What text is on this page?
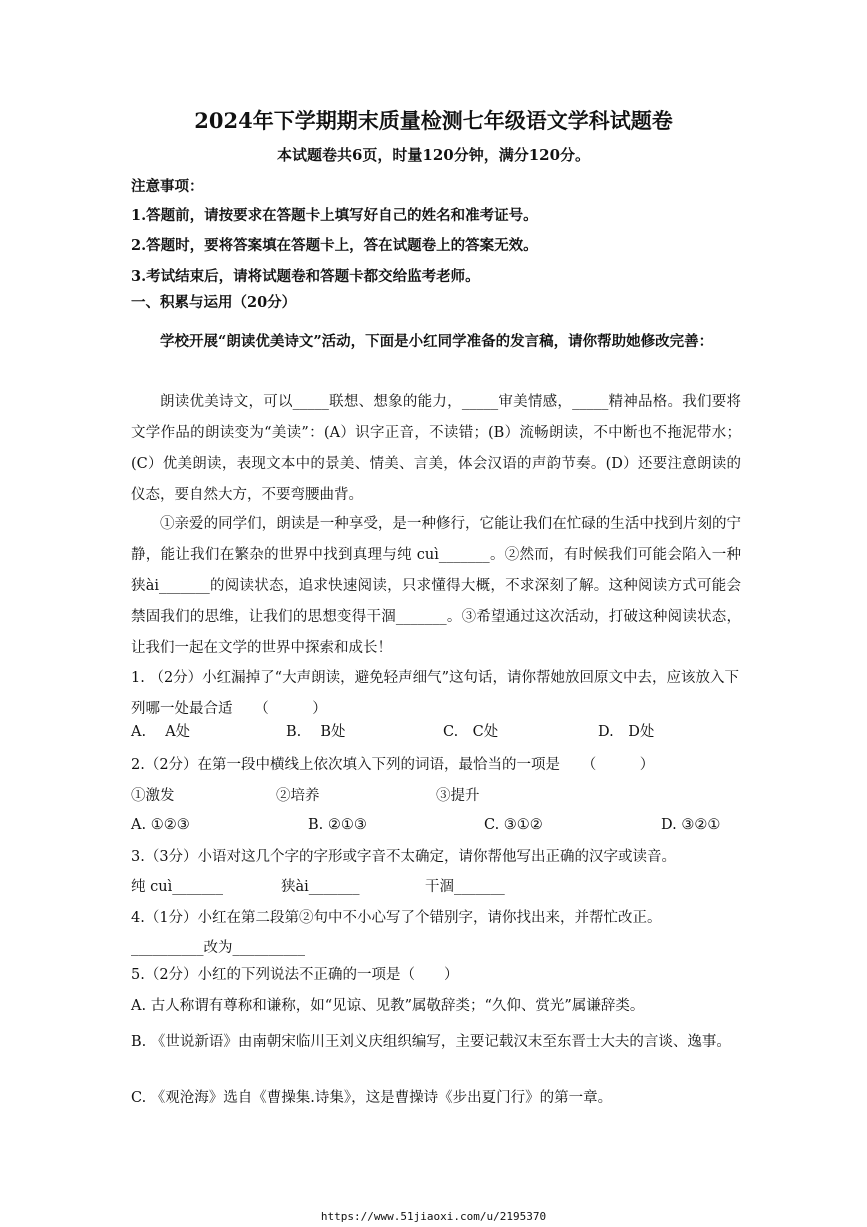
2024年下学期期末质量检测七年级语文学科试题卷
本试题卷共6页，时量120分钟，满分120分。
注意事项：
1.答题前，请按要求在答题卡上填写好自己的姓名和准考证号。
2.答题时，要将答案填在答题卡上，答在试题卷上的答案无效。
3.考试结束后，请将试题卷和答题卡都交给监考老师。
一、积累与运用（20分）
学校开展“朗读优美诗文”活动，下面是小红同学准备的发言稿，请你帮助她修改完善：
朗读优美诗文，可以_____联想、想象的能力，_____审美情感，_____精神品格。我们要将文学作品的朗读变为“美读”：(A）识字正音，不读错；(B）流畅朗读，不中断也不拖泥带水；(C）优美朗读，表现文本中的景美、情美、言美，体会汉语的声韵节奏。(D）还要注意朗读的仪态，要自然大方，不要弯腰曲背。
①亲爱的同学们，朗读是一种享受，是一种修行，它能让我们在忙碌的生活中找到片刻的宁静，能让我们在繁杂的世界中找到真理与纯 cuì_______。②然而，有时候我们可能会陷入一种狭ài_______的阅读状态，追求快速阅读，只求懂得大概，不求深刻了解。这种阅读方式可能会禁固我们的思维，让我们的思想变得干涸_______。③希望通过这次活动，打破这种阅读状态，让我们一起在文学的世界中探索和成长！
1. （2分）小红漏掉了“大声朗读，避免轻声细气”这句话，请你帮她放回原文中去，应该放入下列哪一处最合适　　（　　　）
A.　 A处	B.　 B处	C.　C处	D.　D处
2.（2分）在第一段中横线上依次填入下列的词语，最恰当的一项是　　（　　　）
①激发	②培养	③提升
A. ①②③	B. ②①③	C. ③①②	D. ③②①
3.（3分）小语对这几个字的字形或字音不太确定，请你帮他写出正确的汉字或读音。
纯 cuì_______	狭ài_______	干涸_______
4.（1分）小红在第二段第②句中不小心写了个错别字，请你找出来，并帮忙改正。
__________改为__________
5.（2分）小红的下列说法不正确的一项是（　　）
A. 古人称谓有尊称和谦称，如“见谅、见教”属敬辞类；“久仰、赏光”属谦辞类。
B. 《世说新语》由南朝宋临川王刘义庆组织编写，主要记载汉末至东晋士大夫的言谈、逸事。
C. 《观沧海》选自《曹操集.诗集》，这是曹操诗《步出夏门行》的第一章。
https://www.51jiaoxi.com/u/2195370
